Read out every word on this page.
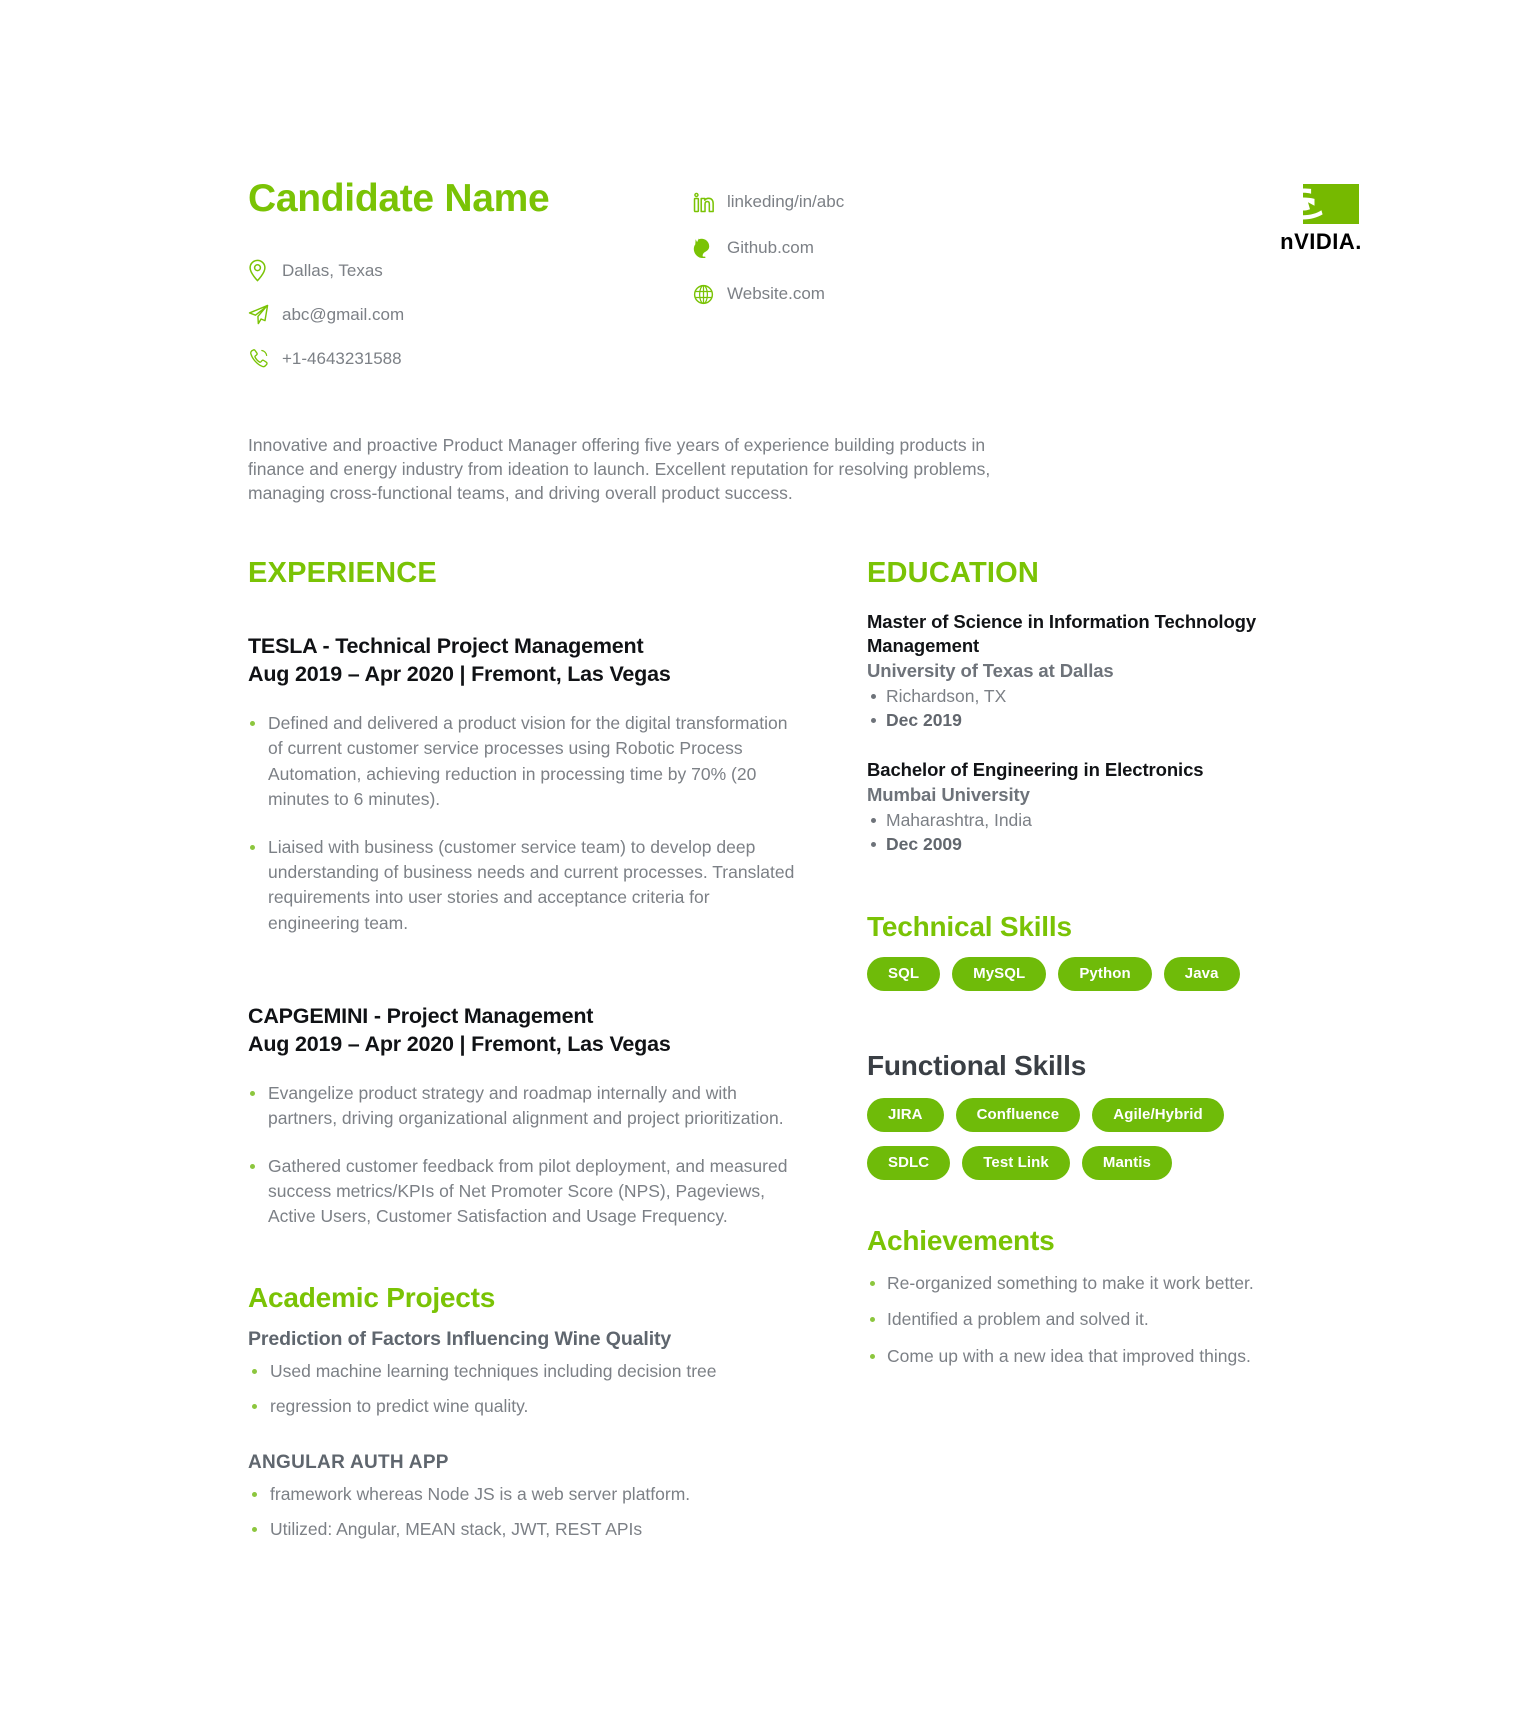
Candidate Name
Dallas, Texas
abc@gmail.com
+1-4643231588
linkeding/in/abc
Github.com
Website.com
nVIDIA.
Innovative and proactive Product Manager offering five years of experience building products in finance and energy industry from ideation to launch. Excellent reputation for resolving problems, managing cross-functional teams, and driving overall product success.
EXPERIENCE
TESLA - Technical Project Management
Aug 2019 – Apr 2020 | Fremont, Las Vegas
Defined and delivered a product vision for the digital transformation of current customer service processes using Robotic Process Automation, achieving reduction in processing time by 70% (20 minutes to 6 minutes).
Liaised with business (customer service team) to develop deep understanding of business needs and current processes. Translated requirements into user stories and acceptance criteria for engineering team.
CAPGEMINI - Project Management
Aug 2019 – Apr 2020 | Fremont, Las Vegas
Evangelize product strategy and roadmap internally and with partners, driving organizational alignment and project prioritization.
Gathered customer feedback from pilot deployment, and measured success metrics/KPIs of Net Promoter Score (NPS), Pageviews, Active Users, Customer Satisfaction and Usage Frequency.
Academic Projects
Prediction of Factors Influencing Wine Quality
Used machine learning techniques including decision tree
regression to predict wine quality.
ANGULAR AUTH APP
framework whereas Node JS is a web server platform.
Utilized: Angular, MEAN stack, JWT, REST APIs
EDUCATION
Master of Science in Information Technology Management
University of Texas at Dallas
Richardson, TX
Dec 2019
Bachelor of Engineering in Electronics
Mumbai University
Maharashtra, India
Dec 2009
Technical Skills
SQL	MySQL	Python	Java
Functional Skills
JIRA	Confluence	Agile/Hybrid
SDLC	Test Link	Mantis
Achievements
Re-organized something to make it work better.
Identified a problem and solved it.
Come up with a new idea that improved things.
